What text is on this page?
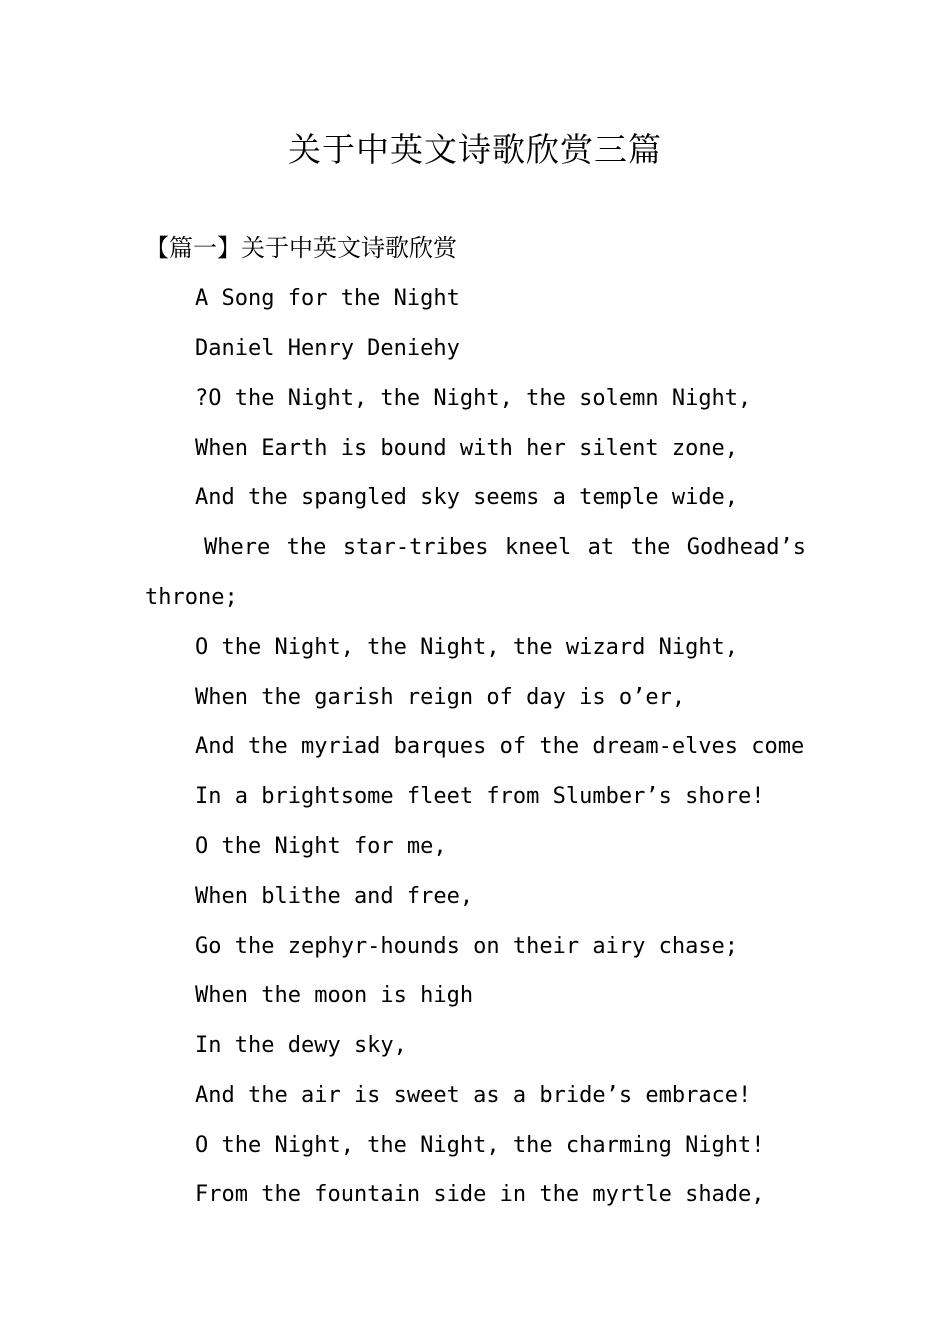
关于中英文诗歌欣赏三篇
【篇一】关于中英文诗歌欣赏
A Song for the Night
Daniel Henry Deniehy
?O the Night, the Night, the solemn Night,
When Earth is bound with her silent zone,
And the spangled sky seems a temple wide,
Where the star-tribes kneel at the Godhead’s
throne;
O the Night, the Night, the wizard Night,
When the garish reign of day is o’er,
And the myriad barques of the dream-elves come
In a brightsome fleet from Slumber’s shore!
O the Night for me,
When blithe and free,
Go the zephyr-hounds on their airy chase;
When the moon is high
In the dewy sky,
And the air is sweet as a bride’s embrace!
O the Night, the Night, the charming Night!
From the fountain side in the myrtle shade,
